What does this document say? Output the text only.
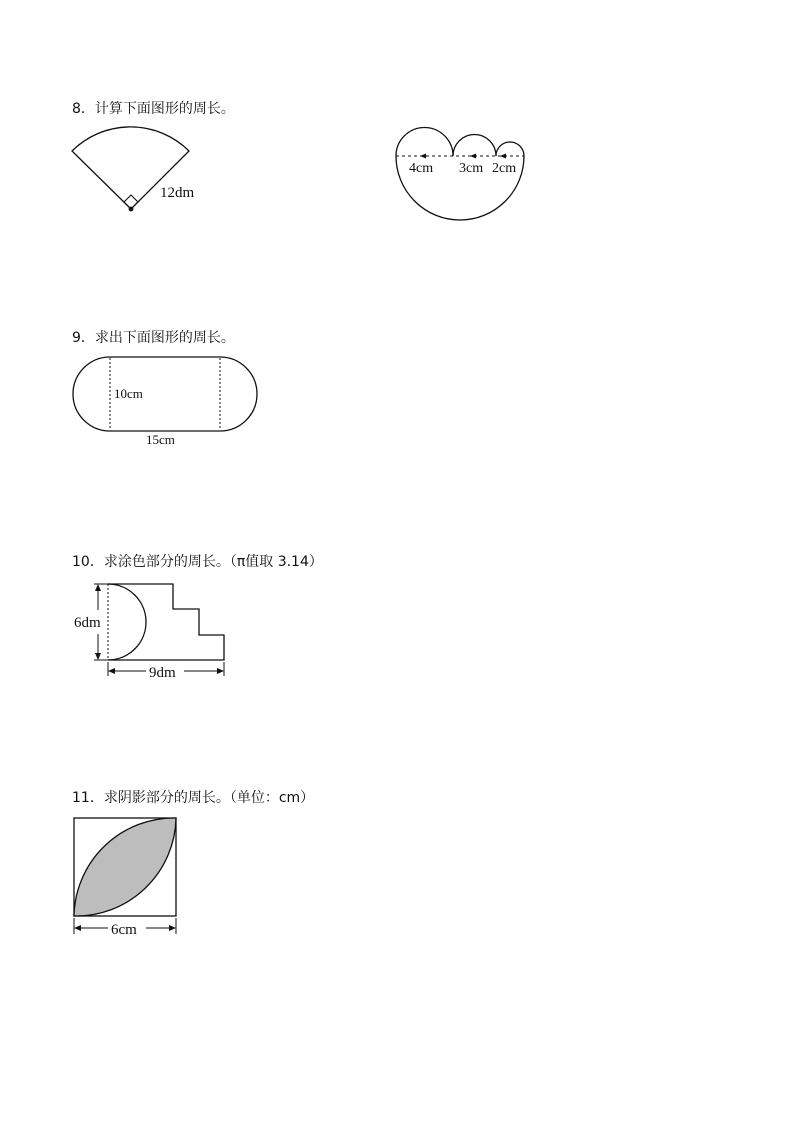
8．计算下面图形的周长。
12dm
4cm 3cm 2cm
9．求出下面图形的周长。
10cm
15cm
10．求涂色部分的周长。（π值取 3.14）
6dm
9dm
11．求阴影部分的周长。（单位：cm）
6cm
